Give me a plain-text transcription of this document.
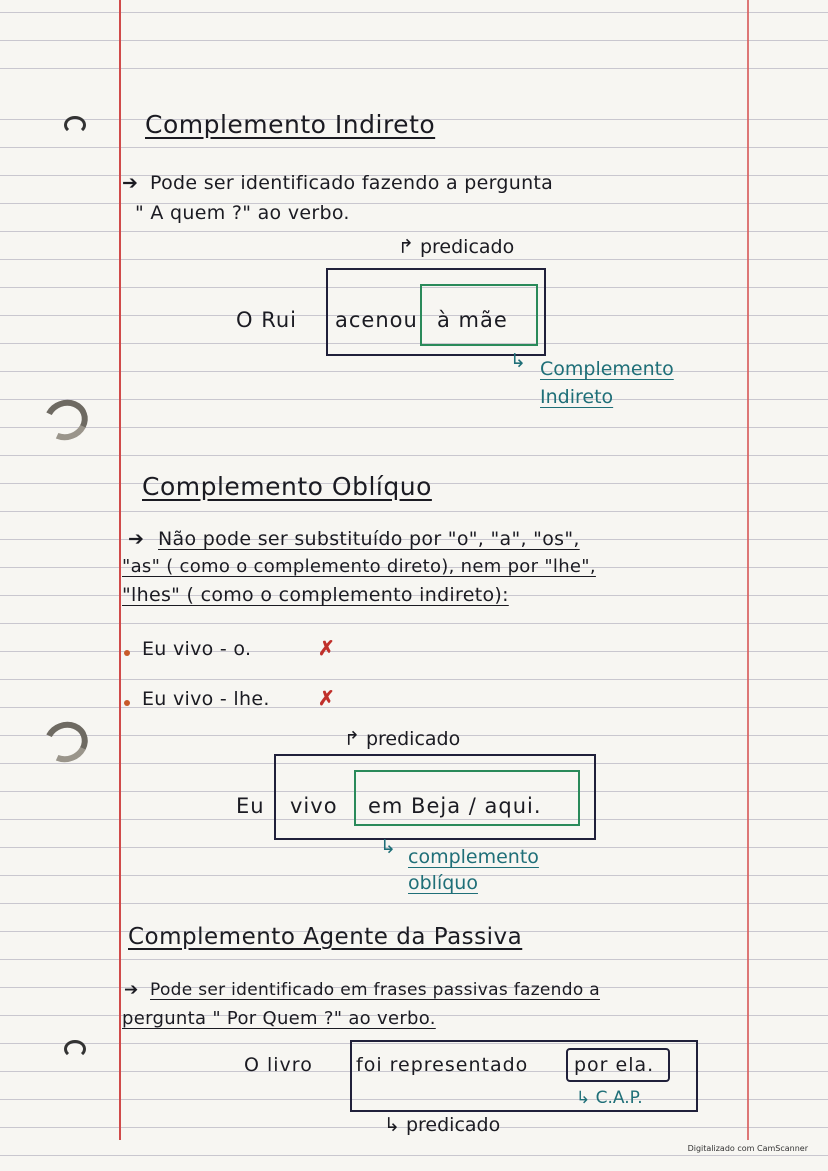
Complemento Indireto
➔ Pode ser identificado fazendo a pergunta
" A quem ?" ao verbo.
↱ predicado
O Rui acenou à mãe
↳ Complemento
Indireto
Complemento Oblíquo
➔ Não pode ser substituído por "o", "a", "os",
"as" ( como o complemento direto), nem por "lhe",
"lhes" ( como o complemento indireto):
Eu vivo - o.	✗
Eu vivo - lhe. ✗
↱ predicado
Eu vivo em Beja / aqui.
↳ complemento
oblíquo
Complemento Agente da Passiva
➔ Pode ser identificado em frases passivas fazendo a
pergunta " Por Quem ?" ao verbo.
O livro foi representado por ela.
↳ C.A.P.
↳ predicado
Digitalizado com CamScanner
